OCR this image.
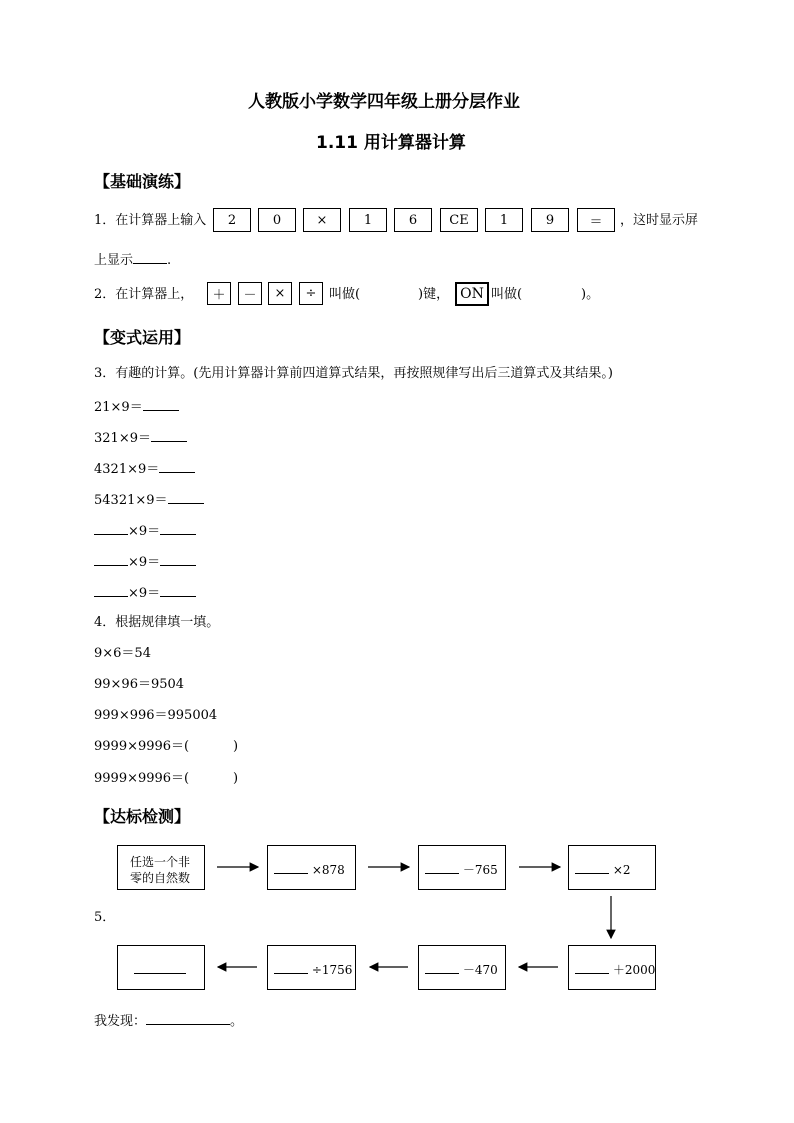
人教版小学数学四年级上册分层作业
1.11 用计算器计算
【基础演练】
1．在计算器上输入 2	0	×	1	6 CE 1	9	＝ ，这时显示屏
上显示	.
2．在计算器上， ＋ － × ÷ 叫做(	)键， ON 叫做(	)。
【变式运用】
3．有趣的计算。(先用计算器计算前四道算式结果，再按照规律写出后三道算式及其结果。)
21×9＝
321×9＝
4321×9＝
54321×9＝
×9＝
×9＝
×9＝
4．根据规律填一填。
9×6＝54
99×96＝9504
999×996＝995004
9999×9996＝(	)
9999×9996＝(	)
【达标检测】
5．
任选一个非
零的自然数
×878	－765	×2
÷1756	－470	＋2000
我发现：	。
